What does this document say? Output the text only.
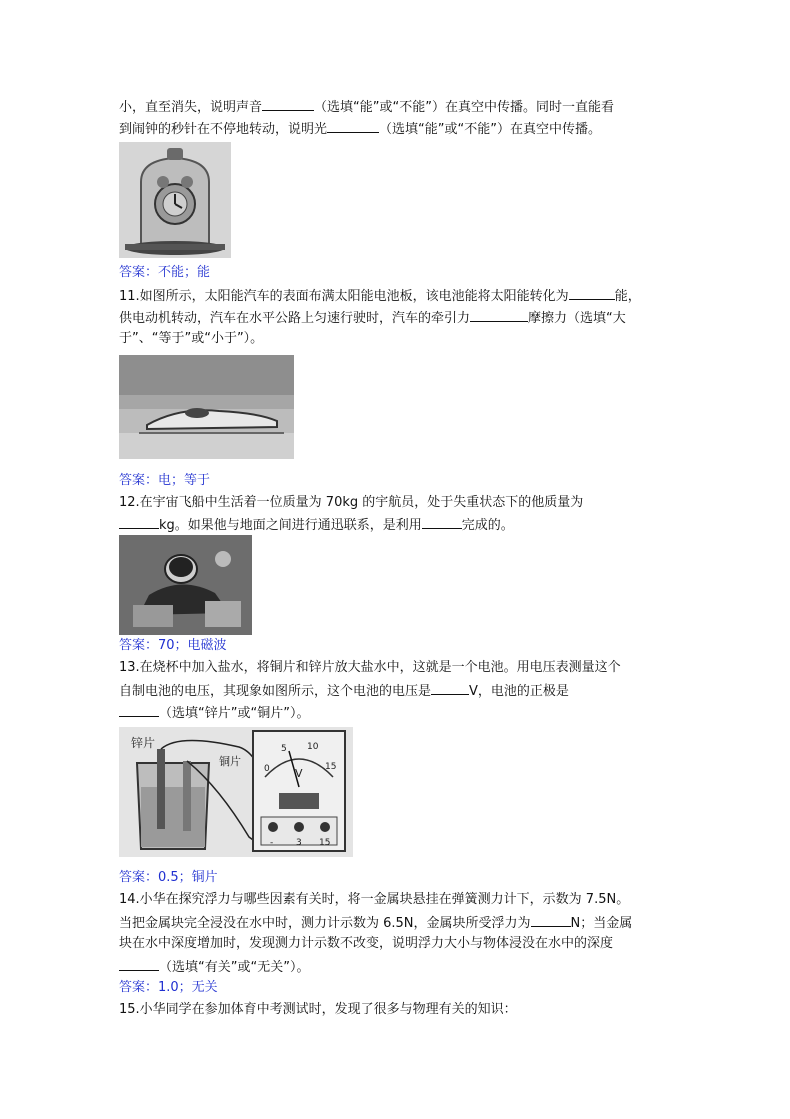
小，直至消失，说明声音	（选填“能”或“不能”）在真空中传播。同时一直能看
到闹钟的秒针在不停地转动，说明光	（选填“能”或“不能”）在真空中传播。
答案：不能；能
11.如图所示，太阳能汽车的表面布满太阳能电池板，该电池能将太阳能转化为	能，
供电动机转动，汽车在水平公路上匀速行驶时，汽车的牵引力	摩擦力（选填“大
于”、“等于”或“小于”）。
答案：电；等于
12.在宇宙飞船中生活着一位质量为 70kg 的宇航员，处于失重状态下的他质量为
kg。如果他与地面之间进行通迅联系，是利用	完成的。
答案：70；电磁波
13.在烧杯中加入盐水，将铜片和锌片放大盐水中，这就是一个电池。用电压表测量这个
自制电池的电压，其现象如图所示，这个电池的电压是	V，电池的正极是
（选填“锌片”或“铜片”）。
锌片
铜片
0
5 10
15
V
-	3 15
答案：0.5；铜片
14.小华在探究浮力与哪些因素有关时，将一金属块悬挂在弹簧测力计下，示数为 7.5N。
当把金属块完全浸没在水中时，测力计示数为 6.5N，金属块所受浮力为	N；当金属
块在水中深度增加时，发现测力计示数不改变，说明浮力大小与物体浸没在水中的深度
（选填“有关”或“无关”）。
答案：1.0；无关
15.小华同学在参加体育中考测试时，发现了很多与物理有关的知识：
